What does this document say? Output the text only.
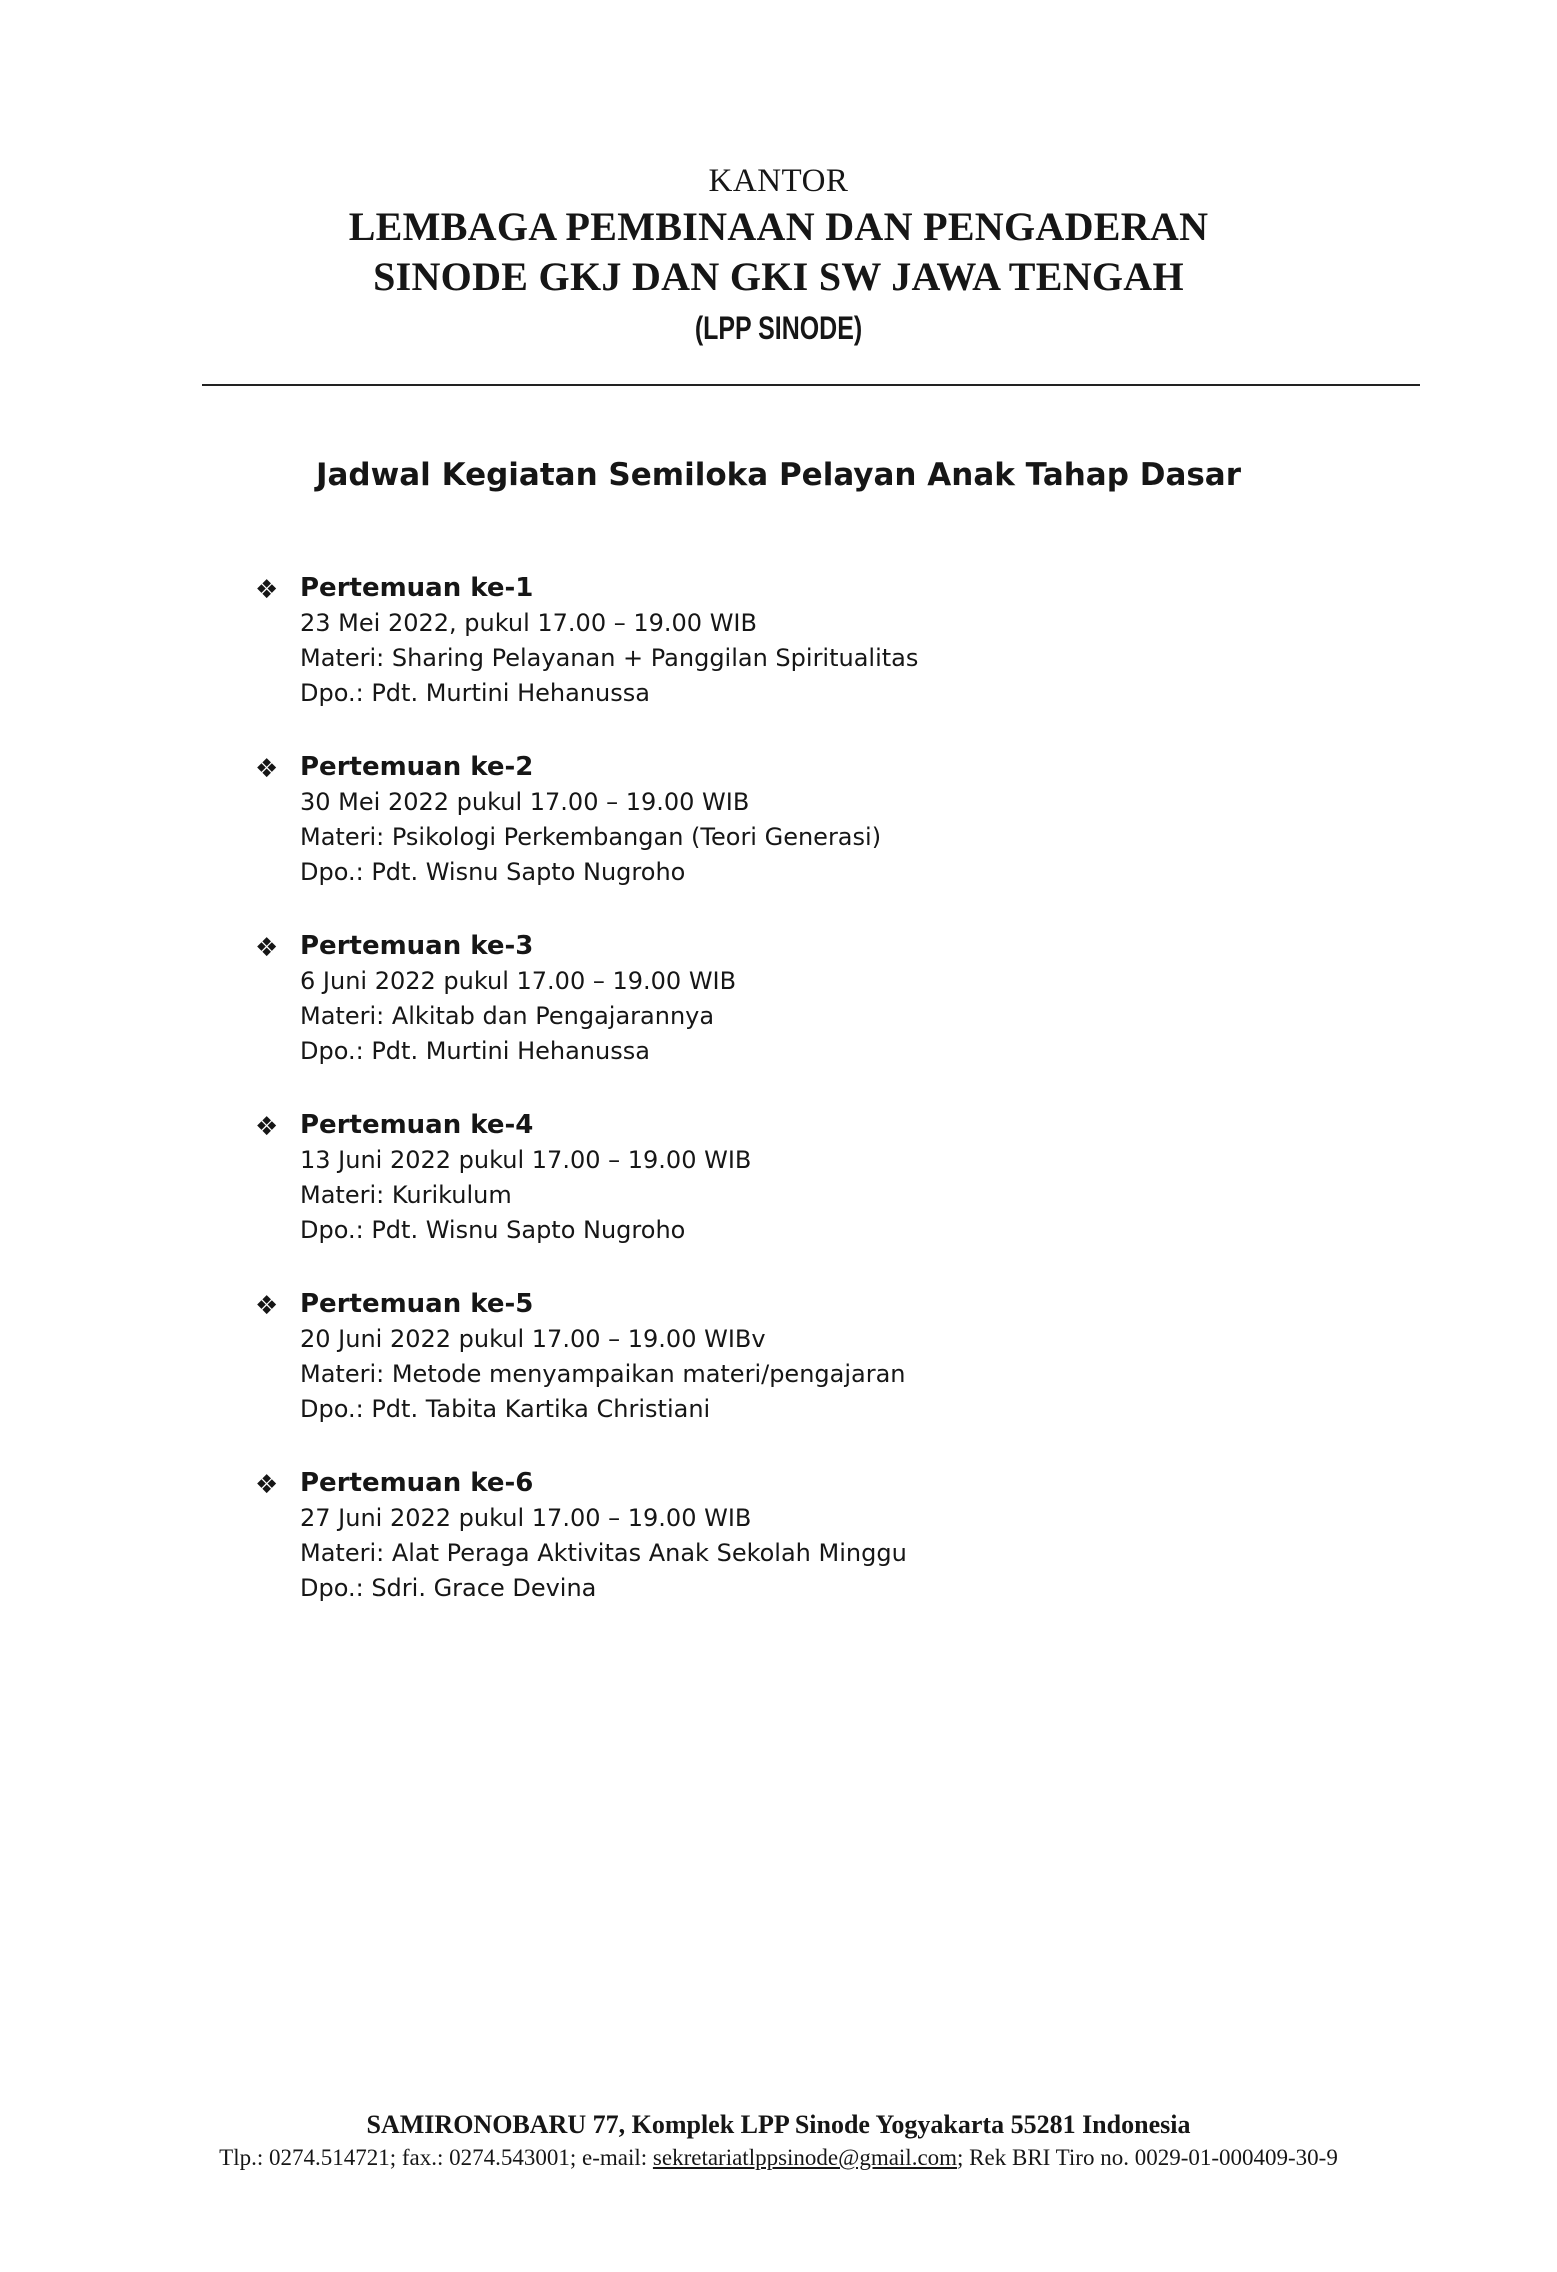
KANTOR
LEMBAGA PEMBINAAN DAN PENGADERAN
SINODE GKJ DAN GKI SW JAWA TENGAH
(LPP SINODE)
Jadwal Kegiatan Semiloka Pelayan Anak Tahap Dasar
❖ Pertemuan ke-1
23 Mei 2022, pukul 17.00 – 19.00 WIB
Materi: Sharing Pelayanan + Panggilan Spiritualitas
Dpo.: Pdt. Murtini Hehanussa
❖ Pertemuan ke-2
30 Mei 2022 pukul 17.00 – 19.00 WIB
Materi: Psikologi Perkembangan (Teori Generasi)
Dpo.: Pdt. Wisnu Sapto Nugroho
❖ Pertemuan ke-3
6 Juni 2022 pukul 17.00 – 19.00 WIB
Materi: Alkitab dan Pengajarannya
Dpo.: Pdt. Murtini Hehanussa
❖ Pertemuan ke-4
13 Juni 2022 pukul 17.00 – 19.00 WIB
Materi: Kurikulum
Dpo.: Pdt. Wisnu Sapto Nugroho
❖ Pertemuan ke-5
20 Juni 2022 pukul 17.00 – 19.00 WIBv
Materi: Metode menyampaikan materi/pengajaran
Dpo.: Pdt. Tabita Kartika Christiani
❖ Pertemuan ke-6
27 Juni 2022 pukul 17.00 – 19.00 WIB
Materi: Alat Peraga Aktivitas Anak Sekolah Minggu
Dpo.: Sdri. Grace Devina
SAMIRONOBARU 77, Komplek LPP Sinode Yogyakarta 55281 Indonesia
Tlp.: 0274.514721; fax.: 0274.543001; e-mail: sekretariatlppsinode@gmail.com; Rek BRI Tiro no. 0029-01-000409-30-9
